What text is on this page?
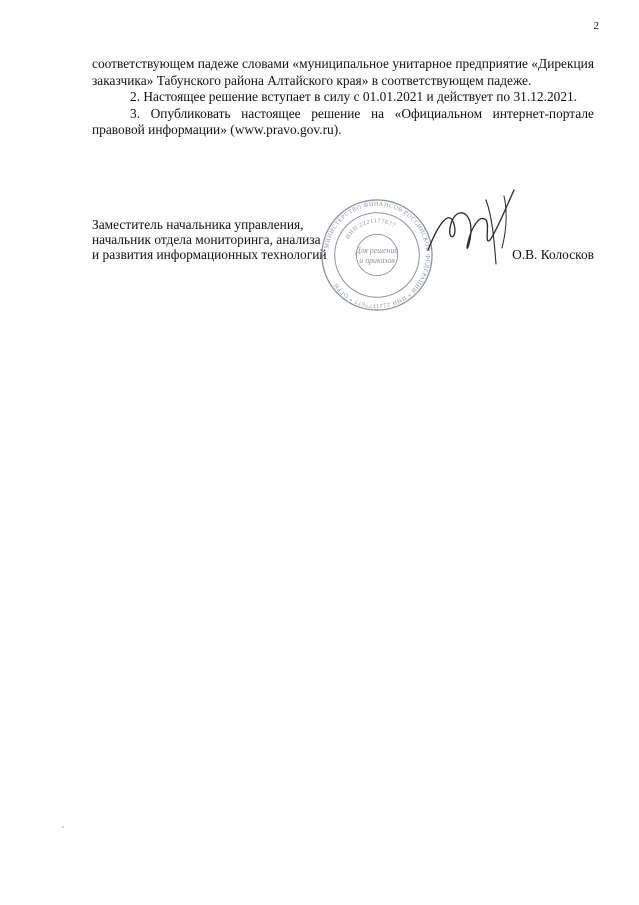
2

соответствующем падеже словами «муниципальное унитарное предприятие «Дирекция заказчика» Табунского района Алтайского края» в соответствующем падеже.

2. Настоящее решение вступает в силу с 01.01.2021 и действует по 31.12.2021.

3. Опубликовать настоящее решение на «Официальном интернет-портале правовой информации» (www.pravo.gov.ru).

Заместитель начальника управления,
начальник отдела мониторинга, анализа
и развития информационных технологий	О.В. Колосков
МИНИСТЕРСТВО ФИНАНСОВ РОССИЙСКОЙ ФЕДЕРАЦИИ * ИНН 2221177677 * ОГРН
ИНН 2221177677
Для решений
и приказов
